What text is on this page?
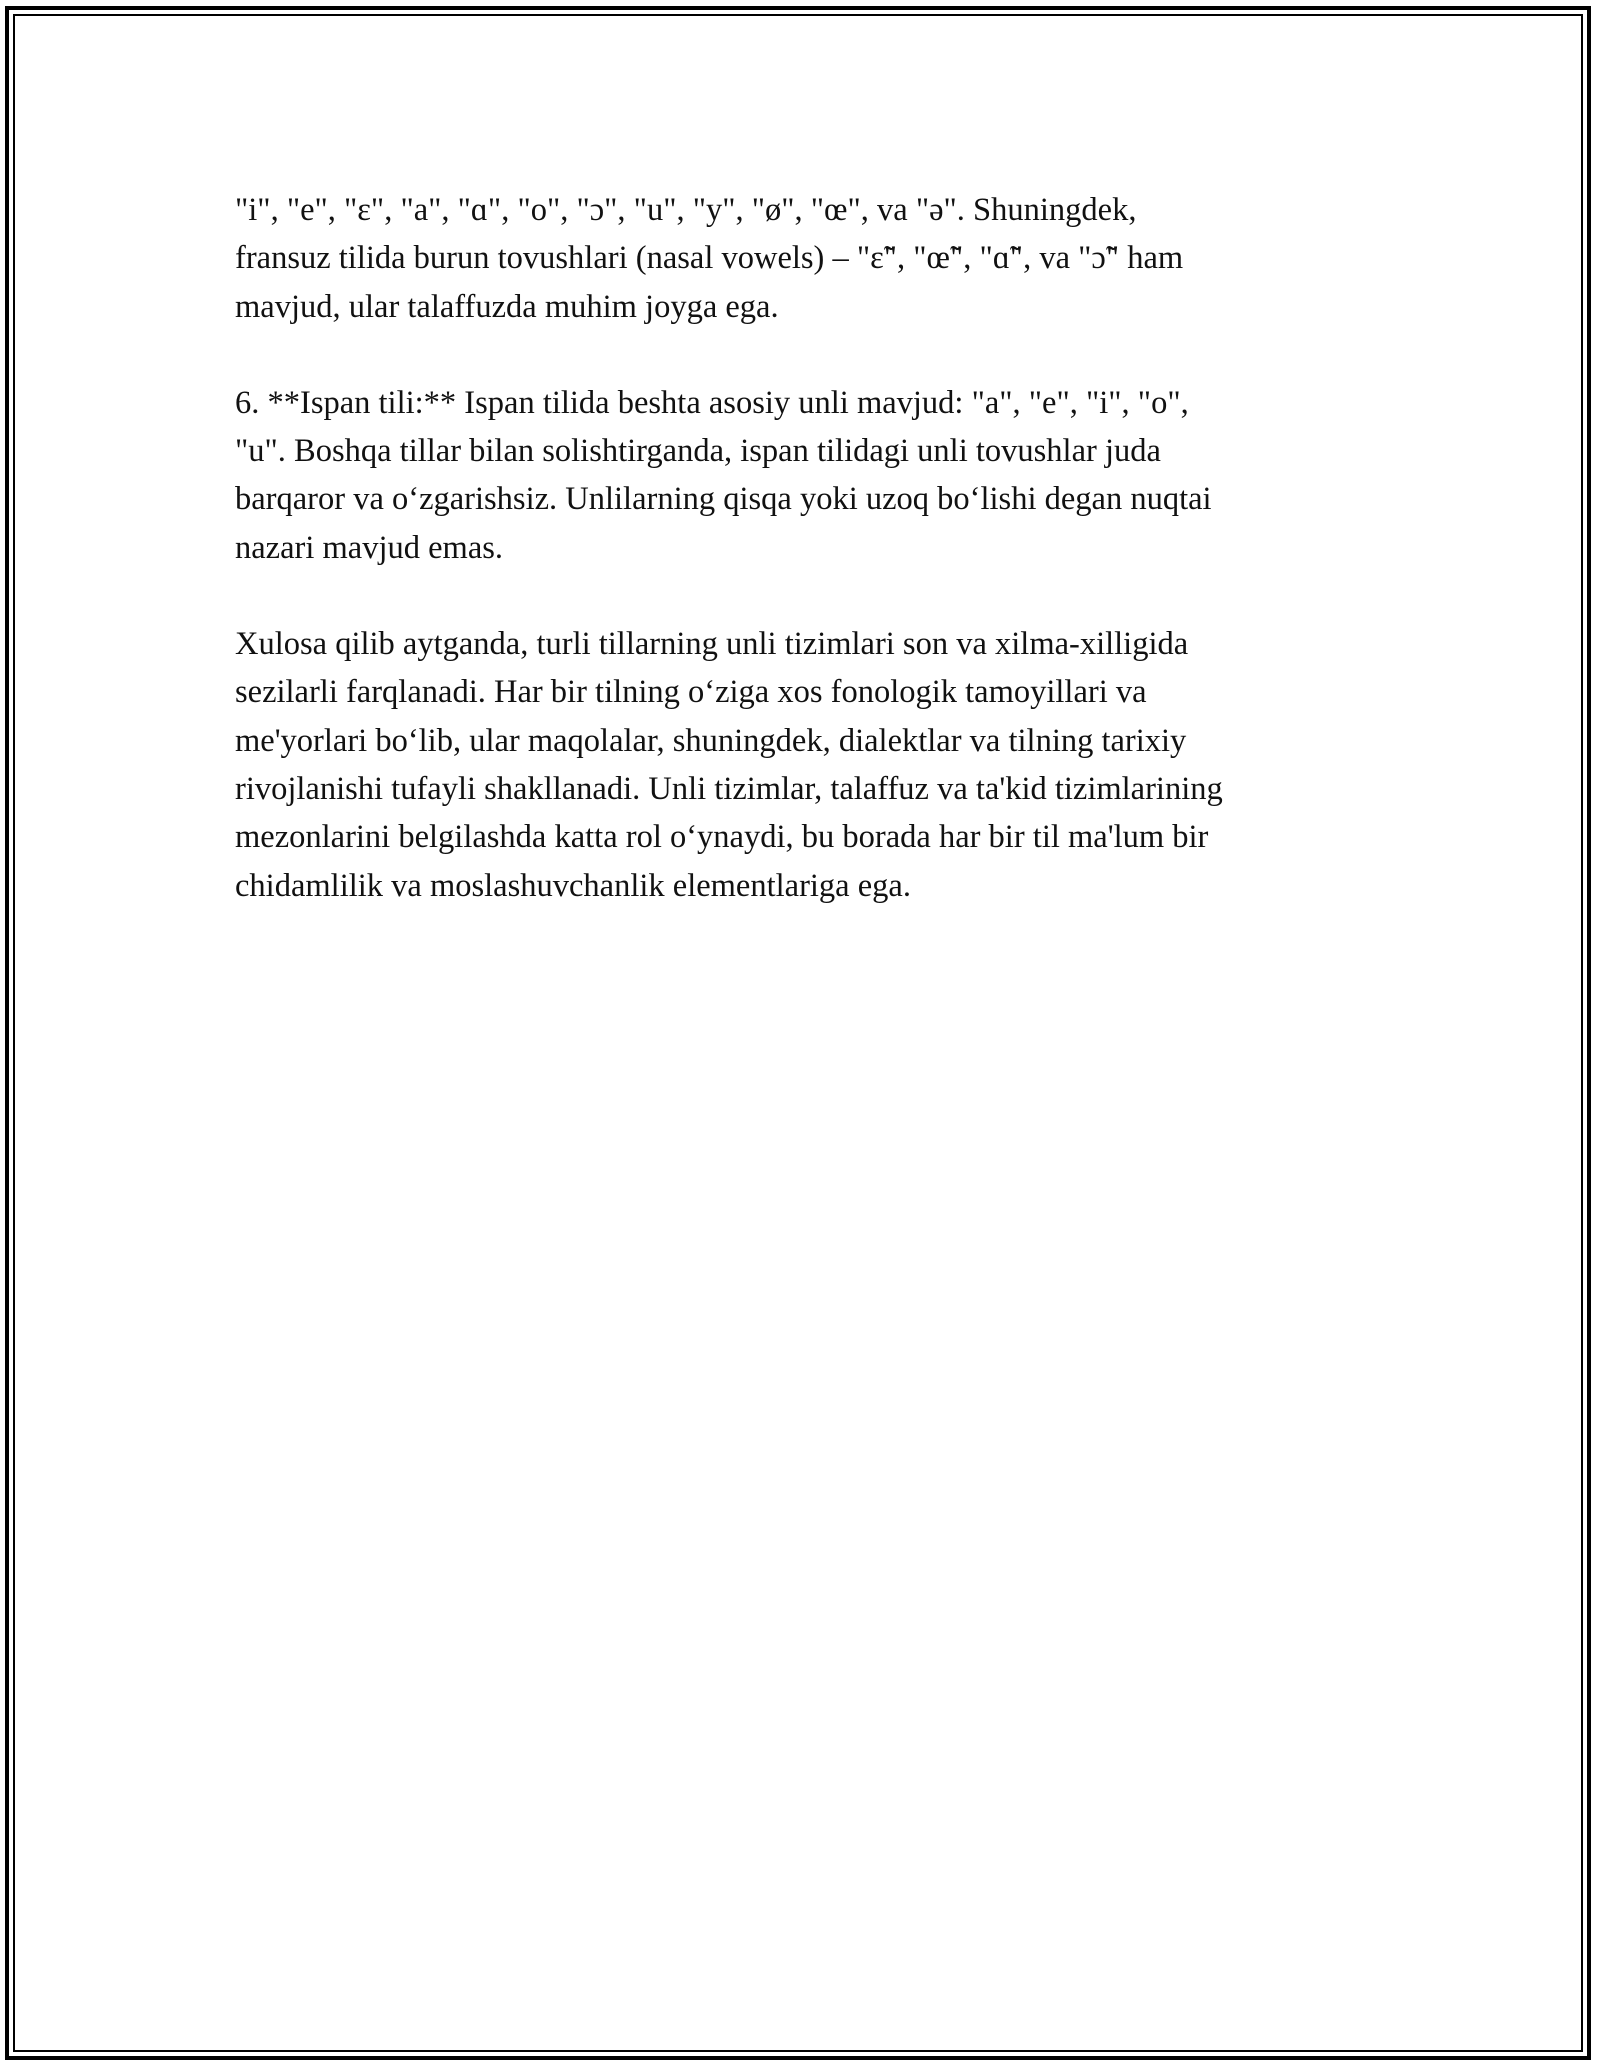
"i", "e", "ɛ", "a", "ɑ", "o", "ɔ", "u", "y", "ø", "œ", va "ə". Shuningdek,
fransuz tilida burun tovushlari (nasal vowels) – "ɛ̃", "œ̃", "ɑ̃", va "ɔ̃" ham
mavjud, ular talaffuzda muhim joyga ega.

6. **Ispan tili:** Ispan tilida beshta asosiy unli mavjud: "a", "e", "i", "o",
"u". Boshqa tillar bilan solishtirganda, ispan tilidagi unli tovushlar juda
barqaror va o‘zgarishsiz. Unlilarning qisqa yoki uzoq bo‘lishi degan nuqtai
nazari mavjud emas.

Xulosa qilib aytganda, turli tillarning unli tizimlari son va xilma-xilligida
sezilarli farqlanadi. Har bir tilning o‘ziga xos fonologik tamoyillari va
me'yorlari bo‘lib, ular maqolalar, shuningdek, dialektlar va tilning tarixiy
rivojlanishi tufayli shakllanadi. Unli tizimlar, talaffuz va ta'kid tizimlarining
mezonlarini belgilashda katta rol o‘ynaydi, bu borada har bir til ma'lum bir
chidamlilik va moslashuvchanlik elementlariga ega.
